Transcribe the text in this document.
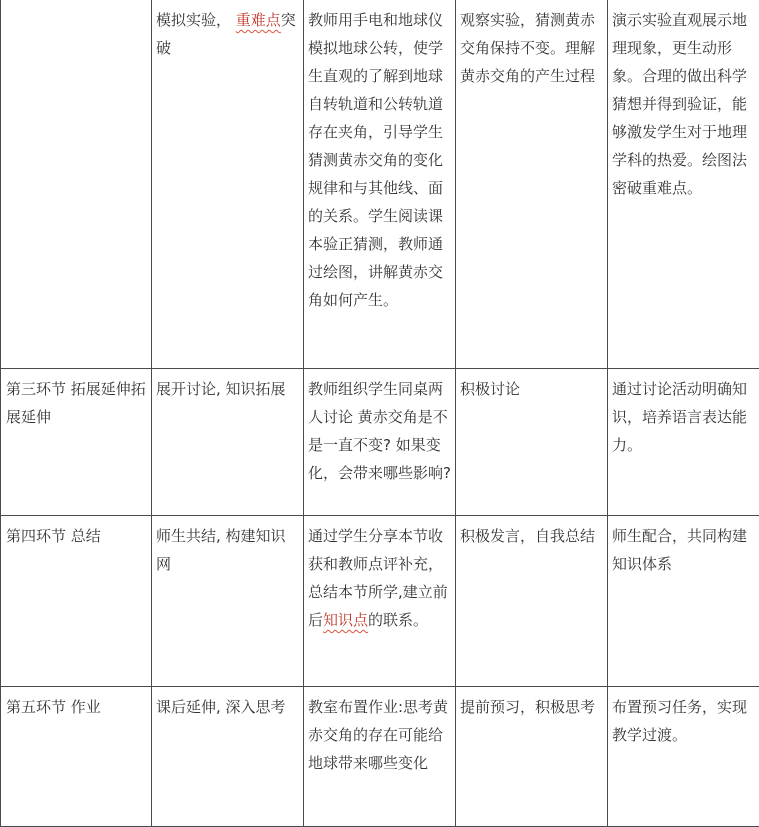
	模拟实验， 重难点突破	教师用手电和地球仪模拟地球公转，使学生直观的了解到地球自转轨道和公转轨道存在夹角，引导学生猜测黄赤交角的变化规律和与其他线、面的关系。学生阅读课本验正猜测，教师通过绘图，讲解黄赤交角如何产生。	观察实验，猜测黄赤交角保持不变。理解黄赤交角的产生过程	演示实验直观展示地理现象，更生动形象。合理的做出科学猜想并得到验证，能够激发学生对于地理学科的热爱。绘图法密破重难点。
第三环节 拓展延伸拓展延伸	展开讨论, 知识拓展	教师组织学生同桌两人讨论 黄赤交角是不是一直不变? 如果变化，会带来哪些影响?	积极讨论	通过讨论活动明确知识，培养语言表达能力。
第四环节 总结	师生共结, 构建知识网	通过学生分享本节收获和教师点评补充，总结本节所学,建立前后知识点的联系。	积极发言，自我总结	师生配合，共同构建知识体系
第五环节 作业	课后延伸, 深入思考	教室布置作业:思考黄赤交角的存在可能给地球带来哪些变化	提前预习，积极思考	布置预习任务，实现教学过渡。
